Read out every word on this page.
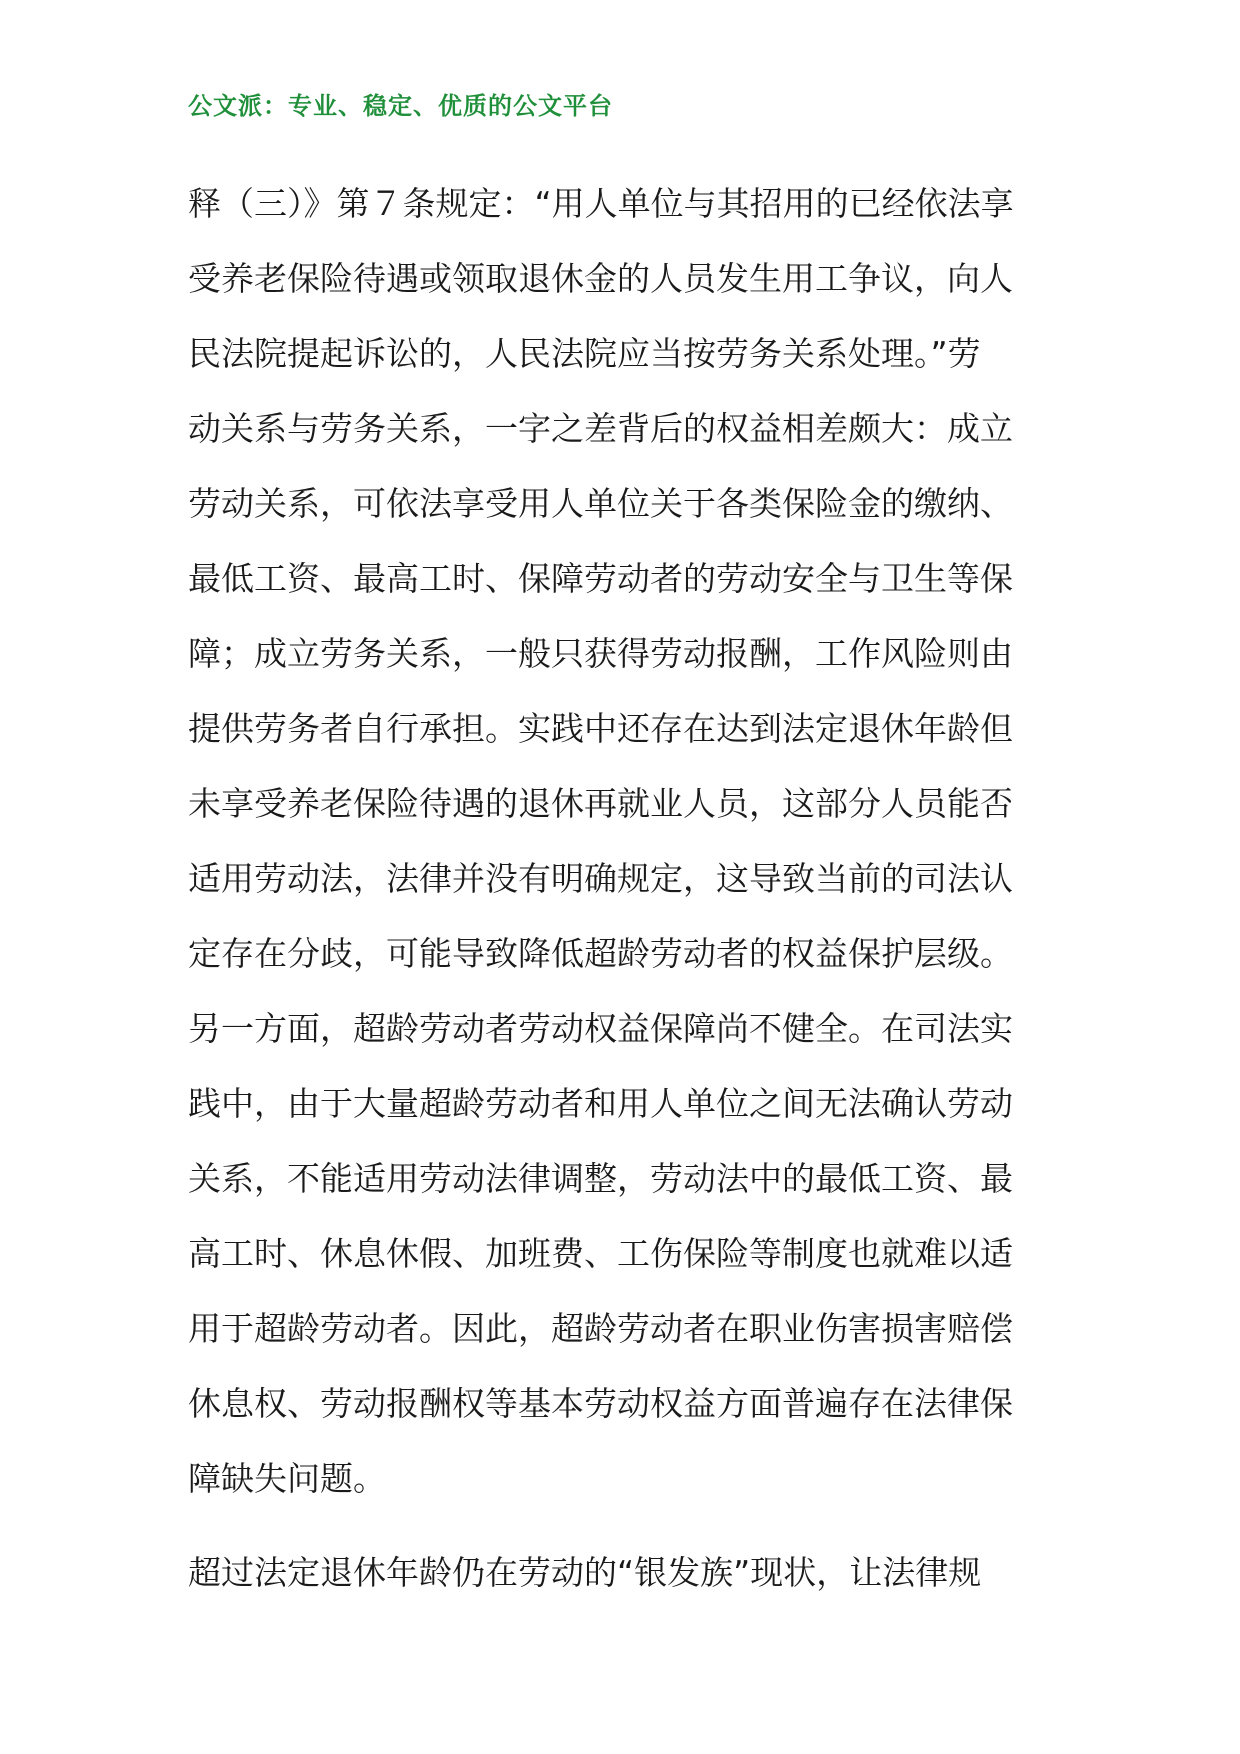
公文派：专业、稳定、优质的公文平台
释（三）》第７条规定：“用人单位与其招用的已经依法享
受养老保险待遇或领取退休金的人员发生用工争议，向人
民法院提起诉讼的，人民法院应当按劳务关系处理。”劳
动关系与劳务关系，一字之差背后的权益相差颇大：成立
劳动关系，可依法享受用人单位关于各类保险金的缴纳、
最低工资、最高工时、保障劳动者的劳动安全与卫生等保
障；成立劳务关系，一般只获得劳动报酬，工作风险则由
提供劳务者自行承担。实践中还存在达到法定退休年龄但
未享受养老保险待遇的退休再就业人员，这部分人员能否
适用劳动法，法律并没有明确规定，这导致当前的司法认
定存在分歧，可能导致降低超龄劳动者的权益保护层级。
另一方面，超龄劳动者劳动权益保障尚不健全。在司法实
践中，由于大量超龄劳动者和用人单位之间无法确认劳动
关系，不能适用劳动法律调整，劳动法中的最低工资、最
高工时、休息休假、加班费、工伤保险等制度也就难以适
用于超龄劳动者。因此，超龄劳动者在职业伤害损害赔偿
休息权、劳动报酬权等基本劳动权益方面普遍存在法律保
障缺失问题。
超过法定退休年龄仍在劳动的“银发族”现状，让法律规
